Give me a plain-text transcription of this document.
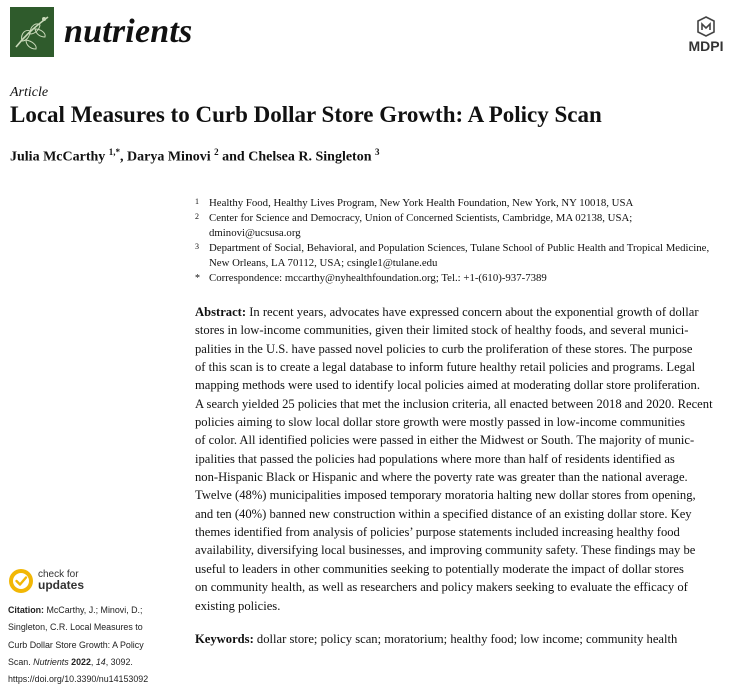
nutrients	MDPI
Article
Local Measures to Curb Dollar Store Growth: A Policy Scan
Julia McCarthy $^{1,*}$, Darya Minovi $^2$ and Chelsea R. Singleton $^3$
1 Healthy Food, Healthy Lives Program, New York Health Foundation, New York, NY 10018, USA
2 Center for Science and Democracy, Union of Concerned Scientists, Cambridge, MA 02138, USA;
dminovi@ucsusa.org
3 Department of Social, Behavioral, and Population Sciences, Tulane School of Public Health and Tropical Medicine,
New Orleans, LA 70112, USA; csingle1@tulane.edu
* Correspondence: mccarthy@nyhealthfoundation.org; Tel.: +1-(610)-937-7389
Abstract: In recent years, advocates have expressed concern about the exponential growth of dollar
stores in low-income communities, given their limited stock of healthy foods, and several munici-
palities in the U.S. have passed novel policies to curb the proliferation of these stores. The purpose
of this scan is to create a legal database to inform future healthy retail policies and programs. Legal
mapping methods were used to identify local policies aimed at moderating dollar store proliferation.
A search yielded 25 policies that met the inclusion criteria, all enacted between 2018 and 2020. Recent
policies aiming to slow local dollar store growth were mostly passed in low-income communities
of color. All identified policies were passed in either the Midwest or South. The majority of munic-
ipalities that passed the policies had populations where more than half of residents identified as
non-Hispanic Black or Hispanic and where the poverty rate was greater than the national average.
Twelve (48%) municipalities imposed temporary moratoria halting new dollar stores from opening,
and ten (40%) banned new construction within a specified distance of an existing dollar store. Key
themes identified from analysis of policies’ purpose statements included increasing healthy food
availability, diversifying local businesses, and improving community safety. These findings may be
useful to leaders in other communities seeking to potentially moderate the impact of dollar stores
on community health, as well as researchers and policy makers seeking to evaluate the efficacy of
existing policies.
Keywords: dollar store; policy scan; moratorium; healthy food; low income; community health
check for
updates
Citation: McCarthy, J.; Minovi, D.;
Singleton, C.R. Local Measures to
Curb Dollar Store Growth: A Policy
Scan. Nutrients 2022, 14, 3092.
https://doi.org/10.3390/nu14153092
